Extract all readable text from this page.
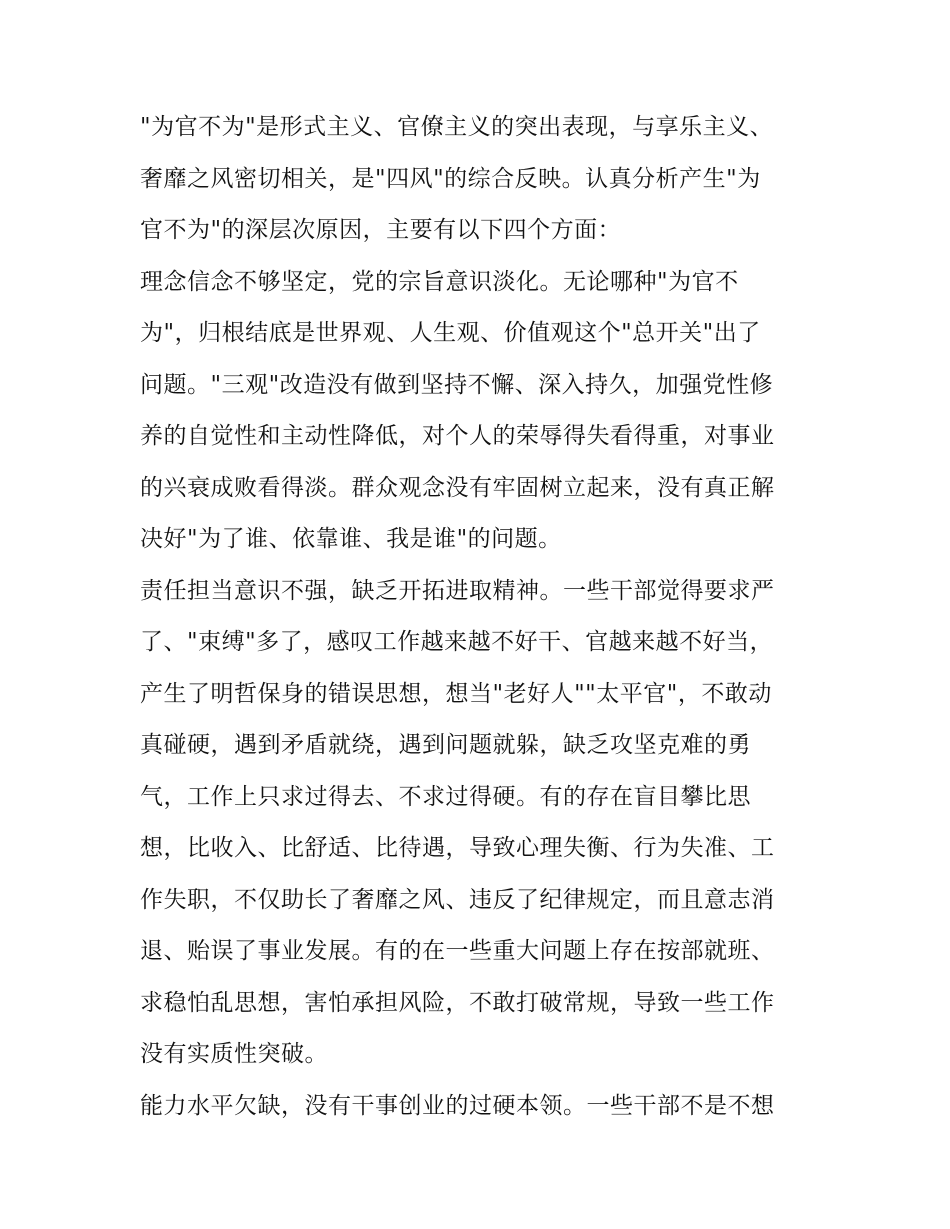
"为官不为"是形式主义、官僚主义的突出表现，与享乐主义、
奢靡之风密切相关，是"四风"的综合反映。认真分析产生"为
官不为"的深层次原因，主要有以下四个方面：
理念信念不够坚定，党的宗旨意识淡化。无论哪种"为官不
为"，归根结底是世界观、人生观、价值观这个"总开关"出了
问题。"三观"改造没有做到坚持不懈、深入持久，加强党性修
养的自觉性和主动性降低，对个人的荣辱得失看得重，对事业
的兴衰成败看得淡。群众观念没有牢固树立起来，没有真正解
决好"为了谁、依靠谁、我是谁"的问题。
责任担当意识不强，缺乏开拓进取精神。一些干部觉得要求严
了、"束缚"多了，感叹工作越来越不好干、官越来越不好当，
产生了明哲保身的错误思想，想当"老好人""太平官"，不敢动
真碰硬，遇到矛盾就绕，遇到问题就躲，缺乏攻坚克难的勇
气，工作上只求过得去、不求过得硬。有的存在盲目攀比思
想，比收入、比舒适、比待遇，导致心理失衡、行为失准、工
作失职，不仅助长了奢靡之风、违反了纪律规定，而且意志消
退、贻误了事业发展。有的在一些重大问题上存在按部就班、
求稳怕乱思想，害怕承担风险，不敢打破常规，导致一些工作
没有实质性突破。
能力水平欠缺，没有干事创业的过硬本领。一些干部不是不想
